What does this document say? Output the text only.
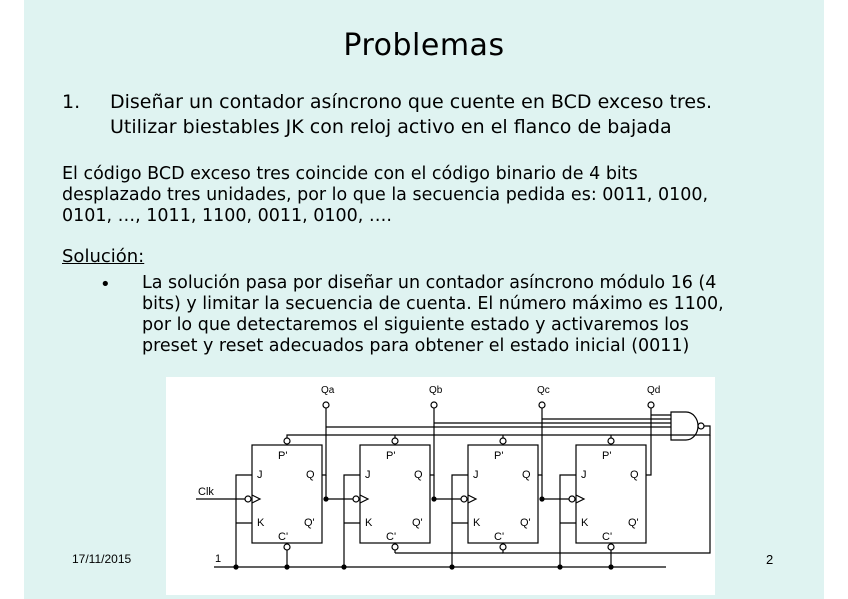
Problemas
1. Diseñar un contador asíncrono que cuente en BCD exceso tres.
Utilizar biestables JK con reloj activo en el flanco de bajada
El código BCD exceso tres coincide con el código binario de 4 bits
desplazado tres unidades, por lo que la secuencia pedida es: 0011, 0100,
0101, …, 1011, 1100, 0011, 0100, ….
Solución:
• La solución pasa por diseñar un contador asíncrono módulo 16 (4
bits) y limitar la secuencia de cuenta. El número máximo es 1100,
por lo que detectaremos el siguiente estado y activaremos los
preset y reset adecuados para obtener el estado inicial (0011)
Qa	Qb	Qc	Qd
J
K
Q
Q'
P'
C'
J
K
Q
Q'
P'
C'
J
K
Q
Q'
P'
C'
J
K
Q
Q'
P'
C'
Clk
1
17/11/2015	2
